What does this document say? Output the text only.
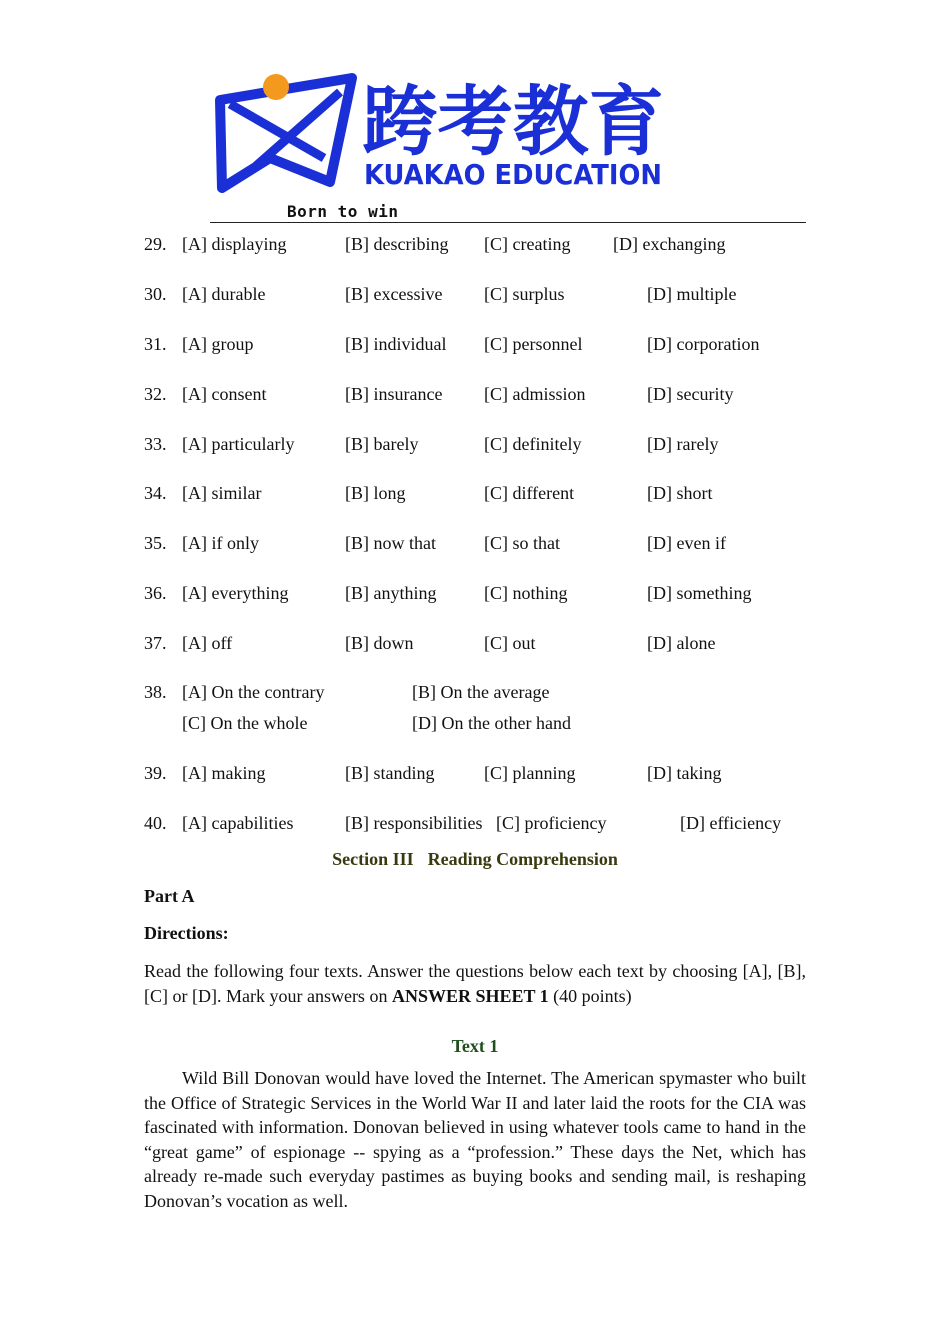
跨考教育
KUAKAO EDUCATION
Born to win
29. [A] displaying	[B] describing [C] creating [D] exchanging
30. [A] durable	[B] excessive [C] surplus	[D] multiple
31. [A] group	[B] individual [C] personnel	[D] corporation
32. [A] consent	[B] insurance [C] admission	[D] security
33. [A] particularly	[B] barely	[C] definitely	[D] rarely
34. [A] similar	[B] long	[C] different	[D] short
35. [A] if only	[B] now that	[C] so that	[D] even if
36. [A] everything	[B] anything	[C] nothing	[D] something
37. [A] off	[B] down	[C] out	[D] alone
38. [A] On the contrary	[B] On the average
[C] On the whole	[D] On the other hand
39. [A] making	[B] standing	[C] planning	[D] taking
40. [A] capabilities	[B] responsibilities [C] proficiency	[D] efficiency
Section III Reading Comprehension
Part A
Directions:
Read the following four texts. Answer the questions below each text by choosing [A], [B], [C] or [D]. Mark your answers on ANSWER SHEET 1 (40 points)
Text 1
Wild Bill Donovan would have loved the Internet. The American spymaster who built the Office of Strategic Services in the World War II and later laid the roots for the CIA was fascinated with information. Donovan believed in using whatever tools came to hand in the “great game” of espionage -- spying as a “profession.” These days the Net, which has already re-made such everyday pastimes as buying books and sending mail, is reshaping Donovan’s vocation as well.
